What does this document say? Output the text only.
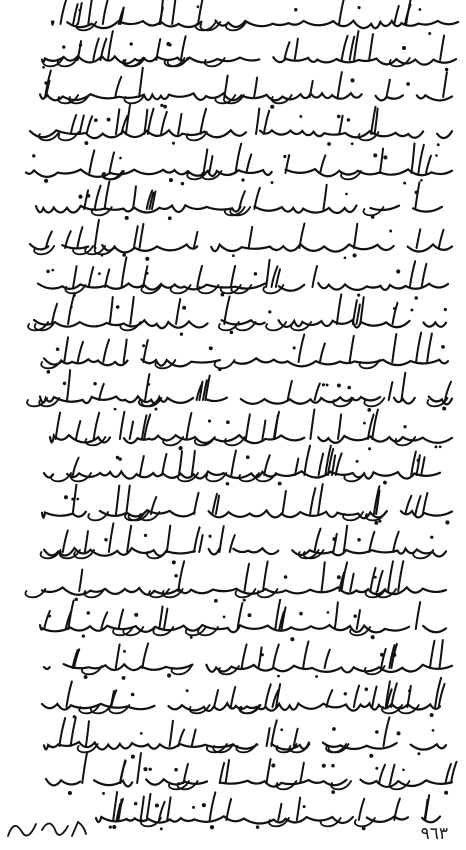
٩٦٣
